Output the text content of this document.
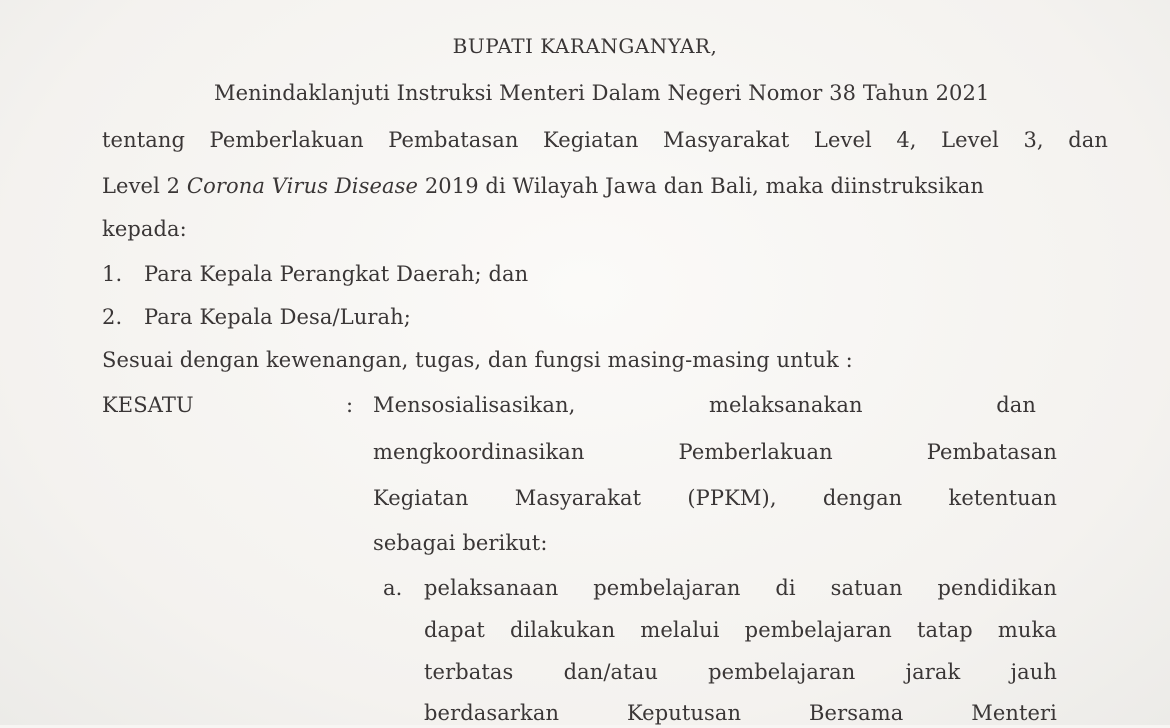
BUPATI KARANGANYAR,
Menindaklanjuti Instruksi Menteri Dalam Negeri Nomor 38 Tahun 2021
tentang Pemberlakuan Pembatasan Kegiatan Masyarakat Level 4, Level 3, dan
Level 2 Corona Virus Disease 2019 di Wilayah Jawa dan Bali, maka diinstruksikan
kepada:
1. Para Kepala Perangkat Daerah; dan
2. Para Kepala Desa/Lurah;
Sesuai dengan kewenangan, tugas, dan fungsi masing-masing untuk :
KESATU	: Mensosialisasikan, melaksanakan dan
mengkoordinasikan Pemberlakuan Pembatasan
Kegiatan Masyarakat (PPKM), dengan ketentuan
sebagai berikut:
a. pelaksanaan pembelajaran di satuan pendidikan
dapat dilakukan melalui pembelajaran tatap muka
terbatas dan/atau pembelajaran jarak jauh
berdasarkan Keputusan Bersama Menteri
